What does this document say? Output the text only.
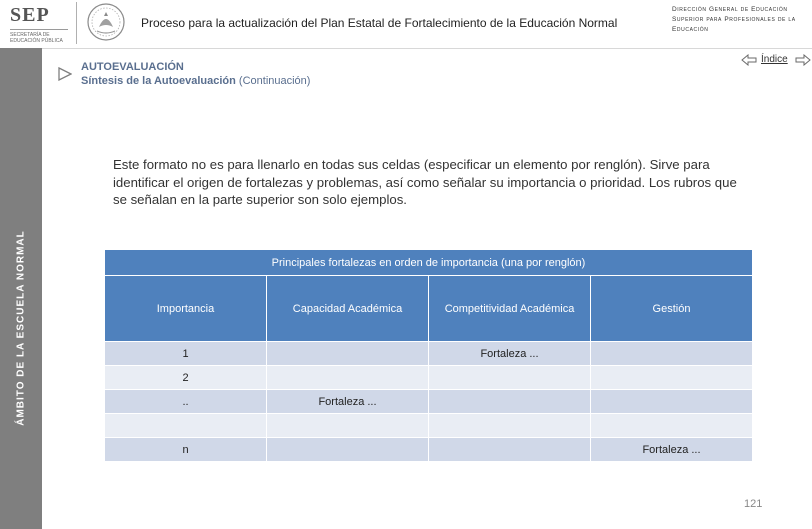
SEP
SECRETARÍA DE EDUCACIÓN PÚBLICA
Proceso para la actualización del Plan Estatal de Fortalecimiento de la Educación Normal
Dirección General de Educación Superior para Profesionales de la Educación
ÁMBITO DE LA ESCUELA NORMAL
AUTOEVALUACIÓN
Síntesis de la Autoevaluación (Continuación)
Índice
Este formato no es para llenarlo en todas sus celdas (especificar un elemento por renglón). Sirve para identificar el origen de fortalezas y problemas, así como señalar su importancia o prioridad. Los rubros que se señalan en la parte superior son solo ejemplos.
Principales fortalezas en orden de importancia (una por renglón)			
Importancia	Capacidad Académica	Competitividad Académica	Gestión
1		Fortaleza ...	
2			
..	Fortaleza ...		

n			Fortaleza ...
121
